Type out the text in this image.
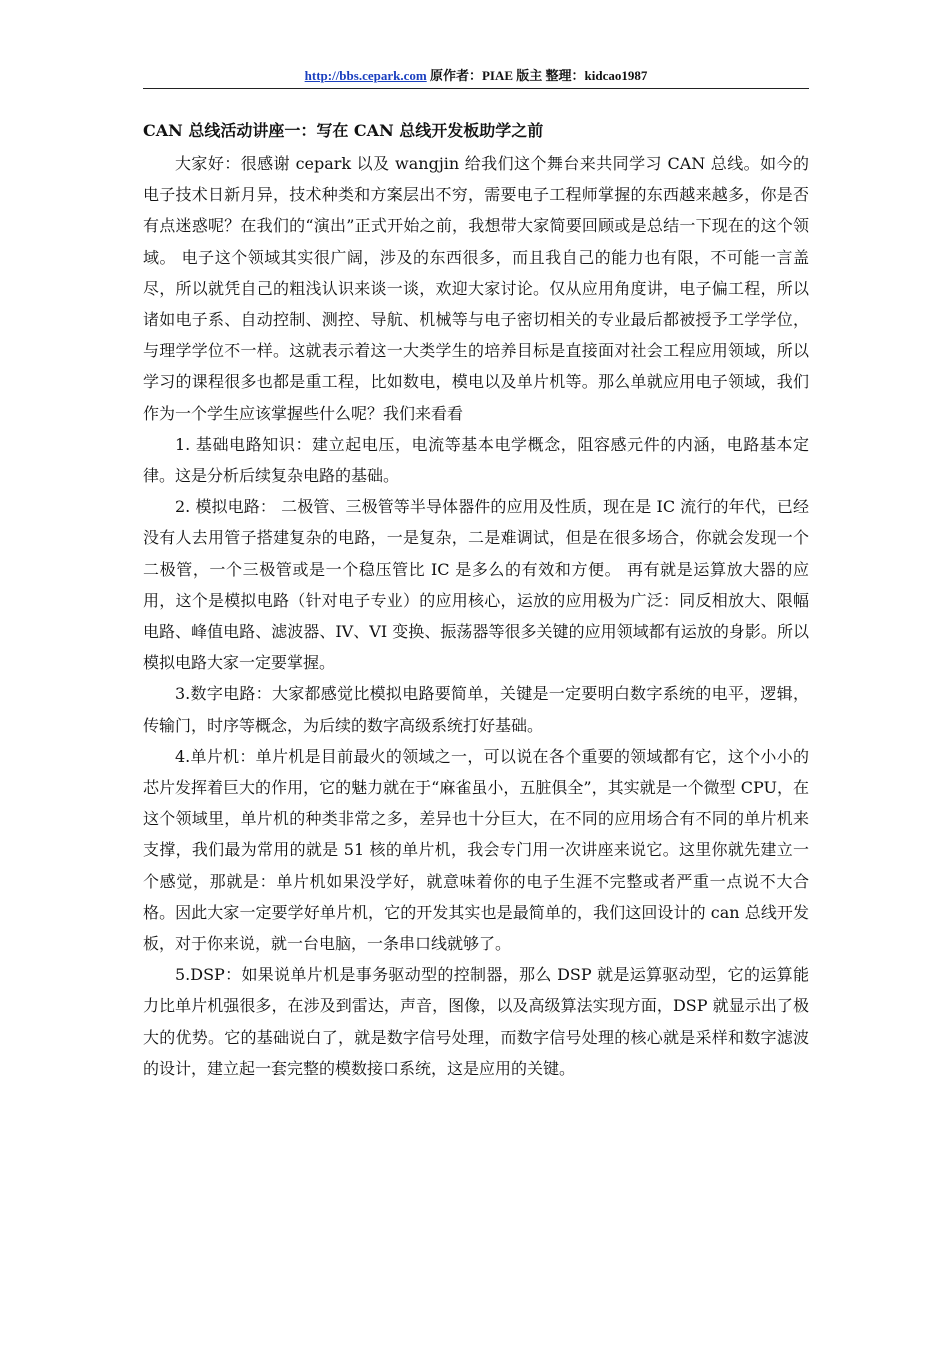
http://bbs.cepark.com 原作者：PIAE 版主 整理：kidcao1987

CAN 总线活动讲座一：写在 CAN 总线开发板助学之前

大家好：很感谢 cepark 以及 wangjin 给我们这个舞台来共同学习 CAN 总线。如今的电子技术日新月异，技术种类和方案层出不穷，需要电子工程师掌握的东西越来越多，你是否有点迷惑呢？在我们的“演出”正式开始之前，我想带大家简要回顾或是总结一下现在的这个领域。 电子这个领域其实很广阔，涉及的东西很多，而且我自己的能力也有限，不可能一言盖尽，所以就凭自己的粗浅认识来谈一谈，欢迎大家讨论。仅从应用角度讲，电子偏工程，所以诸如电子系、自动控制、测控、导航、机械等与电子密切相关的专业最后都被授予工学学位，与理学学位不一样。这就表示着这一大类学生的培养目标是直接面对社会工程应用领域，所以学习的课程很多也都是重工程，比如数电，模电以及单片机等。那么单就应用电子领域，我们作为一个学生应该掌握些什么呢？我们来看看

1. 基础电路知识：建立起电压，电流等基本电学概念，阻容感元件的内涵，电路基本定律。这是分析后续复杂电路的基础。

2. 模拟电路： 二极管、三极管等半导体器件的应用及性质，现在是 IC 流行的年代，已经没有人去用管子搭建复杂的电路，一是复杂，二是难调试，但是在很多场合，你就会发现一个二极管，一个三极管或是一个稳压管比 IC 是多么的有效和方便。 再有就是运算放大器的应用，这个是模拟电路（针对电子专业）的应用核心，运放的应用极为广泛：同反相放大、限幅电路、峰值电路、滤波器、IV、VI 变换、振荡器等很多关键的应用领域都有运放的身影。所以模拟电路大家一定要掌握。

3.数字电路：大家都感觉比模拟电路要简单，关键是一定要明白数字系统的电平，逻辑，传输门，时序等概念，为后续的数字高级系统打好基础。

4.单片机：单片机是目前最火的领域之一，可以说在各个重要的领域都有它，这个小小的芯片发挥着巨大的作用，它的魅力就在于“麻雀虽小，五脏俱全”，其实就是一个微型 CPU，在这个领域里，单片机的种类非常之多，差异也十分巨大，在不同的应用场合有不同的单片机来支撑，我们最为常用的就是 51 核的单片机，我会专门用一次讲座来说它。这里你就先建立一个感觉，那就是：单片机如果没学好，就意味着你的电子生涯不完整或者严重一点说不大合格。因此大家一定要学好单片机，它的开发其实也是最简单的，我们这回设计的 can 总线开发板，对于你来说，就一台电脑，一条串口线就够了。

5.DSP：如果说单片机是事务驱动型的控制器，那么 DSP 就是运算驱动型，它的运算能力比单片机强很多，在涉及到雷达，声音，图像，以及高级算法实现方面，DSP 就显示出了极大的优势。它的基础说白了，就是数字信号处理，而数字信号处理的核心就是采样和数字滤波的设计，建立起一套完整的模数接口系统，这是应用的关键。
